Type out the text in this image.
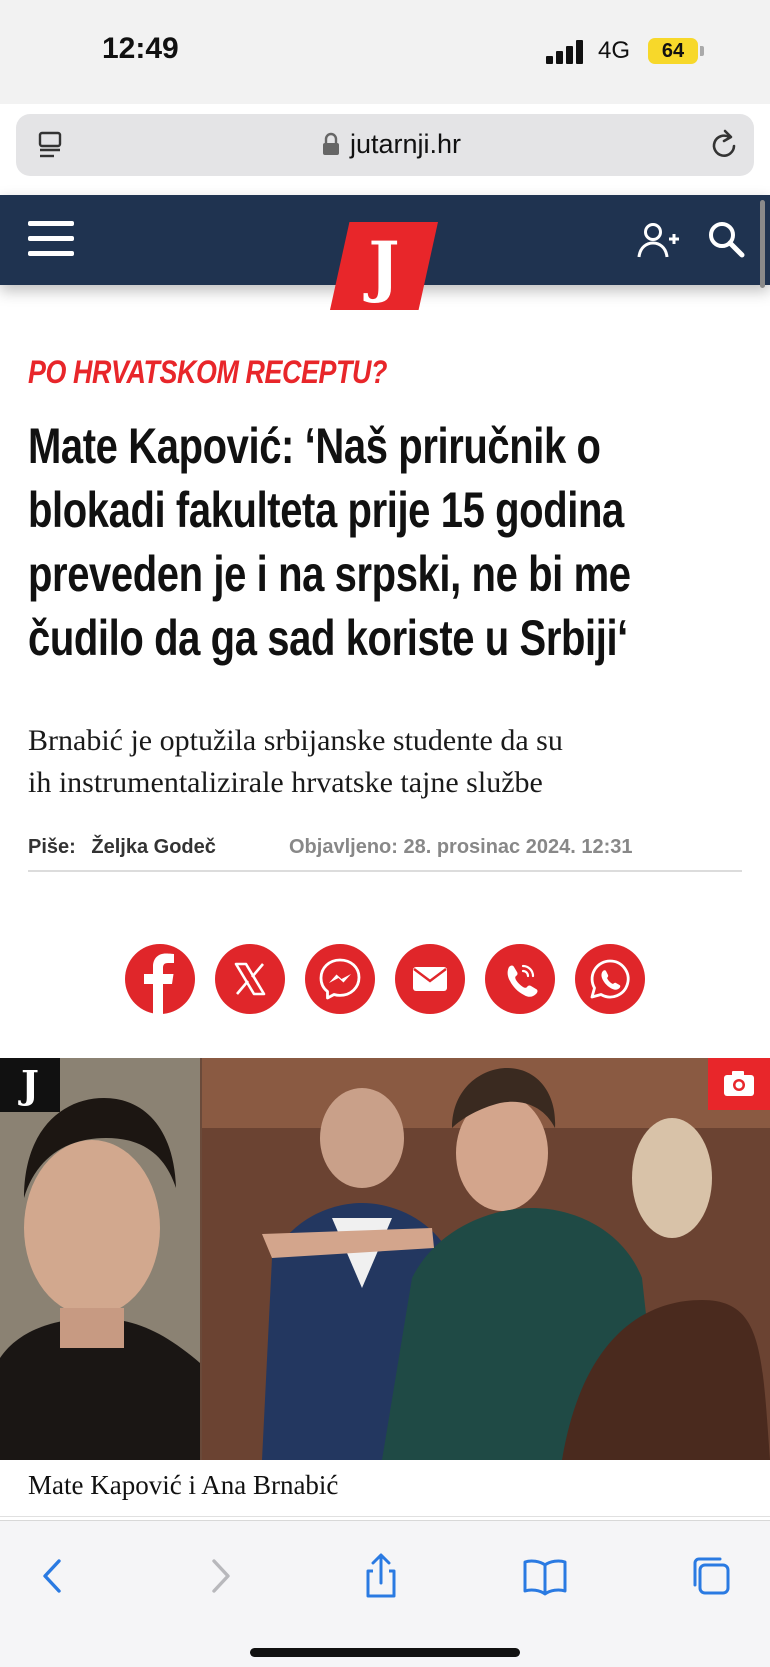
12:49	4G	64
jutarnji.hr
J
PO HRVATSKOM RECEPTU?
Mate Kapović: ‘Naš priručnik o
blokadi fakulteta prije 15 godina
preveden je i na srpski, ne bi me
čudilo da ga sad koriste u Srbiji‘
Brnabić je optužila srbijanske studente da su
ih instrumentalizirale hrvatske tajne službe
Piše: Željka Godeč	Objavljeno: 28. prosinac 2024. 12:31
J
Mate Kapović i Ana Brnabić
